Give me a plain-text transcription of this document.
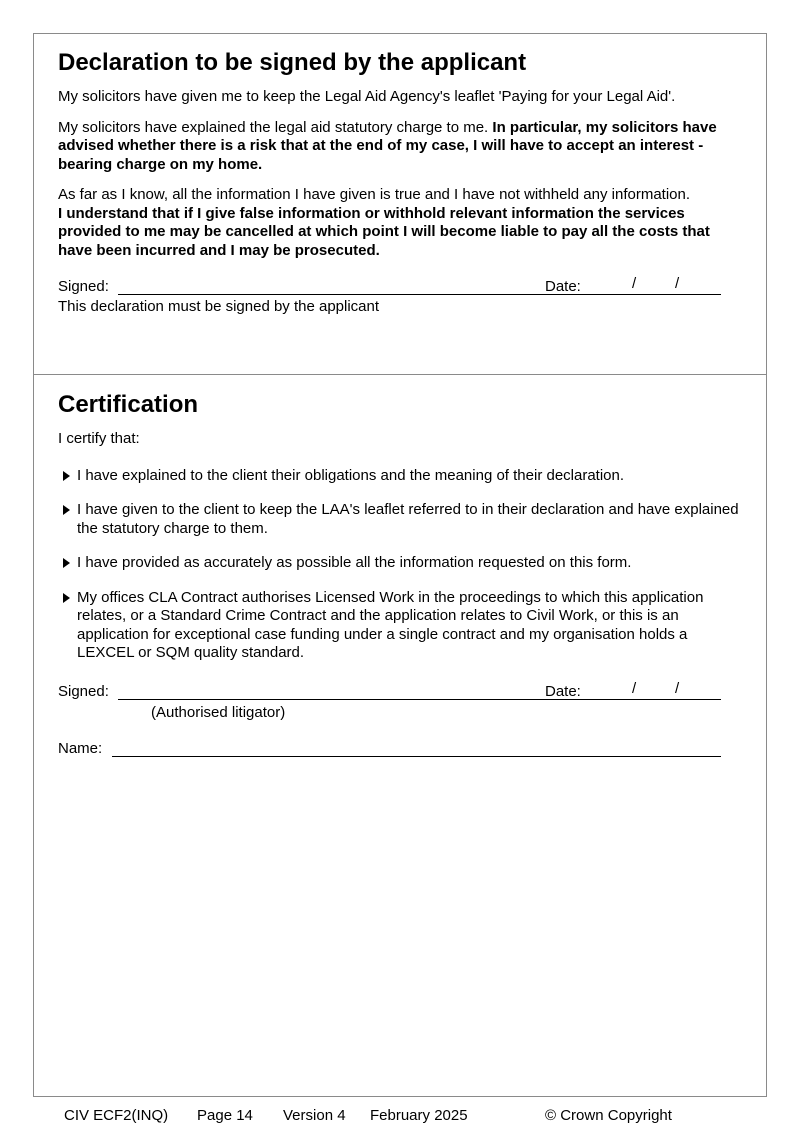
Declaration to be signed by the applicant

My solicitors have given me to keep the Legal Aid Agency's leaflet 'Paying for your Legal Aid'.

My solicitors have explained the legal aid statutory charge to me. In particular, my solicitors have advised whether there is a risk that at the end of my case, I will have to accept an interest - bearing charge on my home.

As far as I know, all the information I have given is true and I have not withheld any information.
I understand that if I give false information or withhold relevant information the services provided to me may be cancelled at which point I will become liable to pay all the costs that have been incurred and I may be prosecuted.

Signed:	Date:	/	/

This declaration must be signed by the applicant

Certification

I certify that:

I have explained to the client their obligations and the meaning of their declaration.
I have given to the client to keep the LAA's leaflet referred to in their declaration and have explained the statutory charge to them.
I have provided as accurately as possible all the information requested on this form.
My offices CLA Contract authorises Licensed Work in the proceedings to which this application relates, or a Standard Crime Contract and the application relates to Civil Work, or this is an application for exceptional case funding under a single contract and my organisation holds a LEXCEL or SQM quality standard.
Signed:	Date:	/	/

(Authorised litigator)

Name:
CIV ECF2(INQ) Page 14 Version 4 February 2025	© Crown Copyright
